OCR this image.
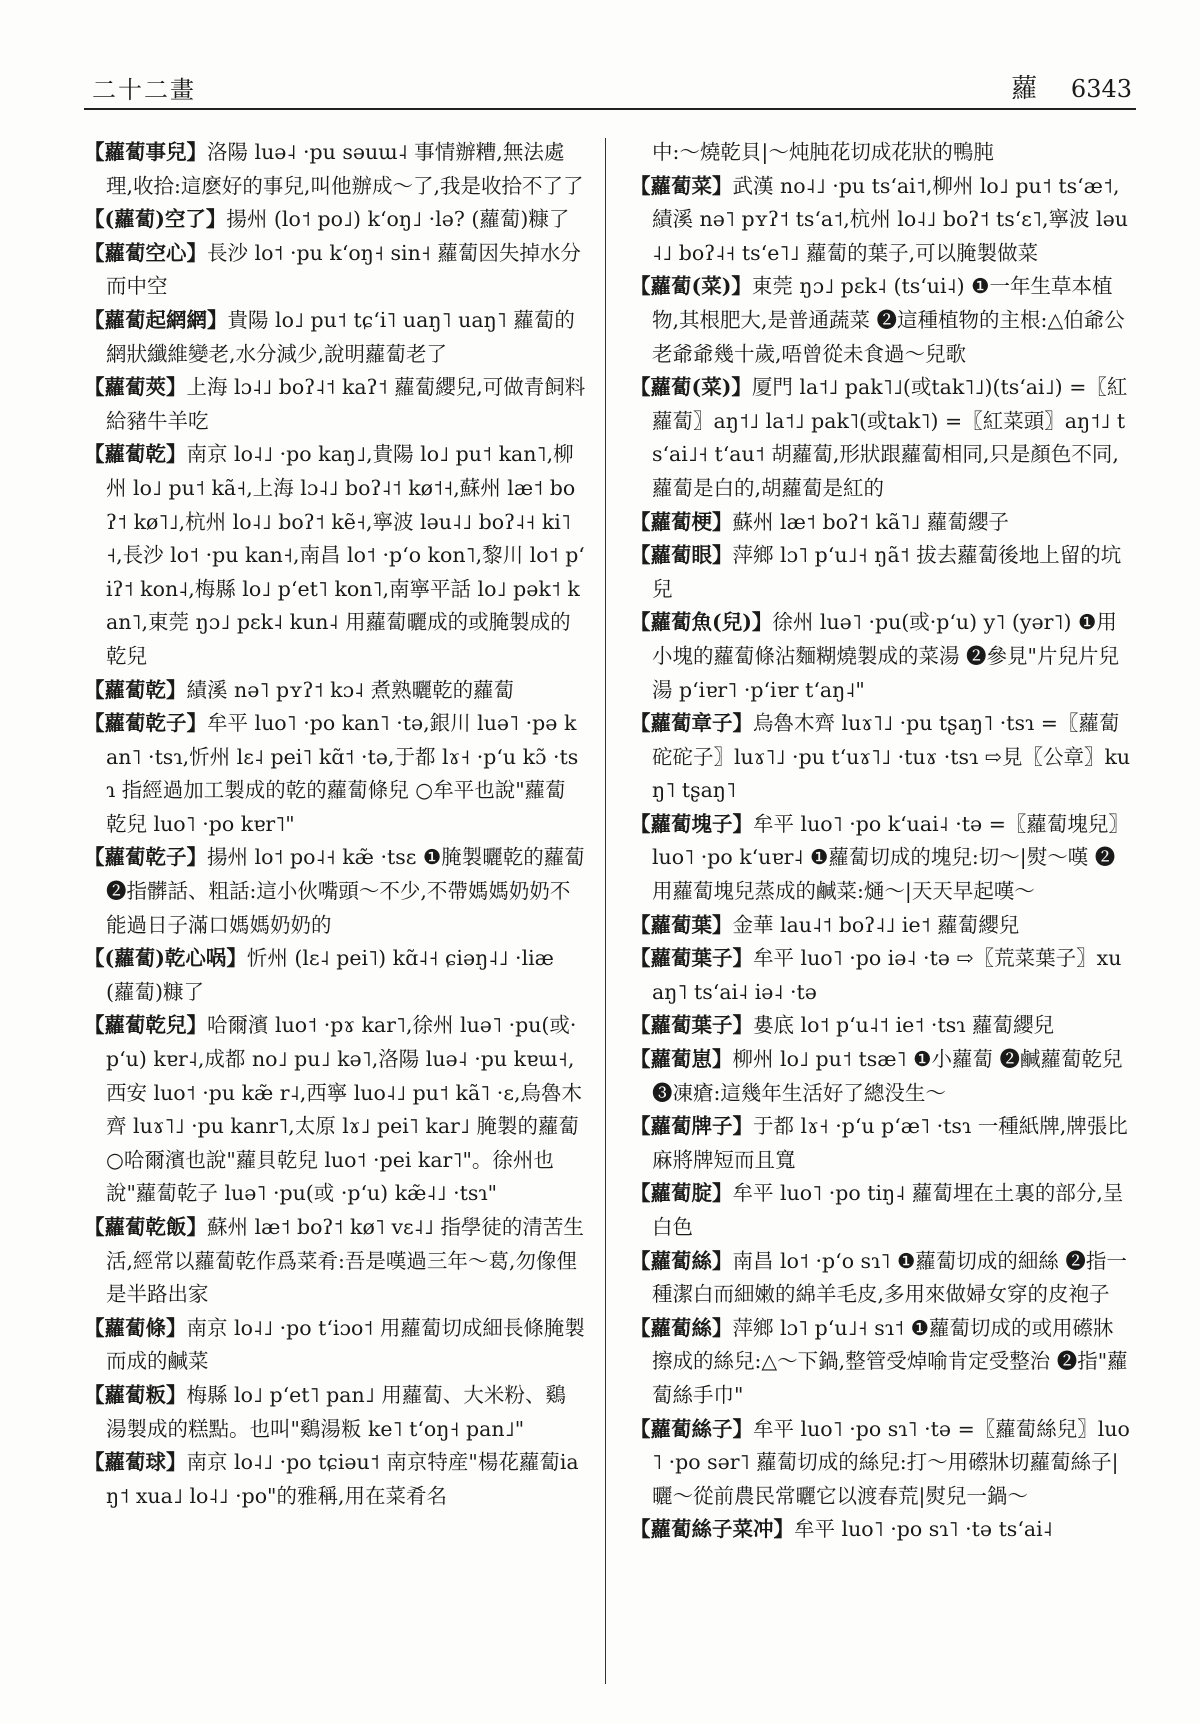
二十二畫	蘿 6343

【蘿蔔事兒】洛陽 luə˨ ·pu səuɯ˨ 事情辦糟,無法處理,收拾:這麽好的事兒,叫他辦成～了,我是收拾不了了

【(蘿蔔)空了】揚州 (lo˦ po˩) kʻoŋ˩ ·lə? (蘿蔔)糠了

【蘿蔔空心】長沙 lo˦ ·pu kʻoŋ˧ sin˧ 蘿蔔因失掉水分而中空

【蘿蔔起網網】貴陽 lo˩ pu˦ tɕʻi˥ uaŋ˥ uaŋ˥ 蘿蔔的網狀纖維變老,水分減少,說明蘿蔔老了

【蘿蔔莢】上海 lɔ˨˩ boʔ˨˦ kaʔ˦ 蘿蔔纓兒,可做青飼料給豬牛羊吃

【蘿蔔乾】南京 lo˨˩ ·po kaŋ˩,貴陽 lo˩ pu˦ kan˥,柳州 lo˩ pu˦ kã˧,上海 lɔ˨˩ boʔ˨˦ kø˦˧,蘇州 læ˦ boʔ˦ kø˥˩,杭州 lo˨˩ boʔ˦ kẽ˧,寧波 ləu˨˩ boʔ˨˧ ki˥˧,長沙 lo˦ ·pu kan˧,南昌 lo˦ ·pʻo kon˥,黎川 lo˦ pʻiʔ˦ kon˨,梅縣 lo˩ pʻet˥ kon˥,南寧平話 lo˩ pək˦ kan˥,東莞 ŋɔ˩ pɛk˨ kun˨ 用蘿蔔曬成的或腌製成的乾兒

【蘿蔔乾】績溪 nə˥ pʏʔ˦ kɔ˨ 煮熟曬乾的蘿蔔

【蘿蔔乾子】牟平 luo˥ ·po kan˥ ·tə,銀川 luə˥ ·pə kan˥ ·tsɿ,忻州 lɛ˨ pei˥ kɑ̃˦ ·tə,于都 lɤ˧ ·pʻu kɔ̃ ·tsɿ 指經過加工製成的乾的蘿蔔條兒 ○牟平也說"蘿蔔乾兒 luo˥ ·po kɐr˥"

【蘿蔔乾子】揚州 lo˦ po˨˧ kæ̃ ·tsɛ ❶腌製曬乾的蘿蔔 ❷指髒話、粗話:這小伙嘴頭～不少,不帶媽媽奶奶不能過日子滿口媽媽奶奶的

【(蘿蔔)乾心㖞】忻州 (lɛ˨ pei˥) kɑ̃˨˧ ɕiəŋ˨˩ ·liæ (蘿蔔)糠了

【蘿蔔乾兒】哈爾濱 luo˦ ·pɤ kar˥,徐州 luə˥ ·pu(或·pʻu) kɐr˨,成都 no˩ pu˩ kə˥,洛陽 luə˨ ·pu kɐɯ˧,西安 luo˦ ·pu kæ̃ r˨,西寧 luo˨˩ pu˦ kã˥ ·ɛ,烏魯木齊 luɤ˥˩ ·pu kanr˥,太原 lɤ˩ pei˥ kar˩ 腌製的蘿蔔 ○哈爾濱也說"蘿貝乾兒 luo˦ ·pei kar˥"。徐州也說"蘿蔔乾子 luə˥ ·pu(或 ·pʻu) kæ̃˨˩ ·tsɿ"

【蘿蔔乾飯】蘇州 læ˦ boʔ˦ kø˥ vɛ˨˩ 指學徒的清苦生活,經常以蘿蔔乾作爲菜肴:吾是嘆過三年～葛,勿像俚是半路出家

【蘿蔔條】南京 lo˨˩ ·po tʻiɔo˦ 用蘿蔔切成細長條腌製而成的鹹菜

【蘿蔔粄】梅縣 lo˩ pʻet˥ pan˩ 用蘿蔔、大米粉、鷄湯製成的糕點。也叫"鷄湯粄 ke˥ tʻoŋ˧ pan˩"

【蘿蔔球】南京 lo˨˩ ·po tɕiəu˦ 南京特産"楊花蘿蔔iaŋ˦ xua˩ lo˨˩ ·po"的雅稱,用在菜肴名

中:～燒乾貝|～炖肫花切成花狀的鴨肫

【蘿蔔菜】武漢 no˨˩ ·pu tsʻai˦,柳州 lo˩ pu˦ tsʻæ˦,績溪 nə˥ pʏʔ˦ tsʻa˦,杭州 lo˨˩ boʔ˦ tsʻɛ˥,寧波 ləu˨˩ boʔ˨˧ tsʻe˥˩ 蘿蔔的葉子,可以腌製做菜

【蘿蔔(菜)】東莞 ŋɔ˩ pɛk˨ (tsʻui˨) ❶一年生草本植物,其根肥大,是普通蔬菜 ❷這種植物的主根:△伯爺公老爺爺幾十歲,唔曾從未食過～兒歌

【蘿蔔(菜)】厦門 la˦˩ pak˥˩(或tak˥˩)(tsʻai˩) =〖紅蘿蔔〗aŋ˦˩ la˦˩ pak˥(或tak˥) =〖紅菜頭〗aŋ˦˩ tsʻai˩˧ tʻau˦ 胡蘿蔔,形狀跟蘿蔔相同,只是顏色不同,蘿蔔是白的,胡蘿蔔是紅的

【蘿蔔梗】蘇州 læ˦ boʔ˦ kã˥˩ 蘿蔔纓子

【蘿蔔眼】萍鄉 lɔ˥ pʻu˩˧ ŋã˦ 拔去蘿蔔後地上留的坑兒

【蘿蔔魚(兒)】徐州 luə˥ ·pu(或·pʻu) y˥ (yər˥) ❶用小塊的蘿蔔條沾麵糊燒製成的菜湯 ❷參見"片兒片兒湯 pʻiɐr˥ ·pʻiɐr tʻaŋ˨"

【蘿蔔章子】烏魯木齊 luɤ˥˩ ·pu tʂaŋ˥ ·tsɿ =〖蘿蔔砣砣子〗luɤ˥˩ ·pu tʻuɤ˥˩ ·tuɤ ·tsɿ ⇨見〖公章〗kuŋ˥ tʂaŋ˥

【蘿蔔塊子】牟平 luo˥ ·po kʻuai˨ ·tə =〖蘿蔔塊兒〗luo˥ ·po kʻuɐr˨ ❶蘿蔔切成的塊兒:切～|熨～嘆 ❷ 用蘿蔔塊兒蒸成的鹹菜:熥～|天天早起嘆～

【蘿蔔葉】金華 lau˨˦ boʔ˨˩ ie˦ 蘿蔔纓兒

【蘿蔔葉子】牟平 luo˥ ·po iə˨ ·tə ⇨〖荒菜葉子〗xuaŋ˥ tsʻai˨ iə˨ ·tə

【蘿蔔葉子】婁底 lo˦ pʻu˨˦ ie˦ ·tsɿ 蘿蔔纓兒

【蘿蔔崽】柳州 lo˩ pu˦ tsæ˥ ❶小蘿蔔 ❷鹹蘿蔔乾兒 ❸凍瘡:這幾年生活好了總没生～

【蘿蔔牌子】于都 lɤ˧ ·pʻu pʻæ˥ ·tsɿ 一種紙牌,牌張比麻將牌短而且寬

【蘿蔔腚】牟平 luo˥ ·po tiŋ˨ 蘿蔔埋在土裏的部分,呈白色

【蘿蔔絲】南昌 lo˦ ·pʻo sɿ˥ ❶蘿蔔切成的細絲 ❷指一種潔白而細嫩的綿羊毛皮,多用來做婦女穿的皮袍子

【蘿蔔絲】萍鄉 lɔ˥ pʻu˩˧ sɿ˦ ❶蘿蔔切成的或用礤牀擦成的絲兒:△～下鍋,整管受焯喻肯定受整治 ❷指"蘿蔔絲手巾"

【蘿蔔絲子】牟平 luo˥ ·po sɿ˥ ·tə =〖蘿蔔絲兒〗luo˥ ·po sər˥ 蘿蔔切成的絲兒:打～用礤牀切蘿蔔絲子|曬～從前農民常曬它以渡春荒|熨兒一鍋～

【蘿蔔絲子菜冲】牟平 luo˥ ·po sɿ˥ ·tə tsʻai˨
